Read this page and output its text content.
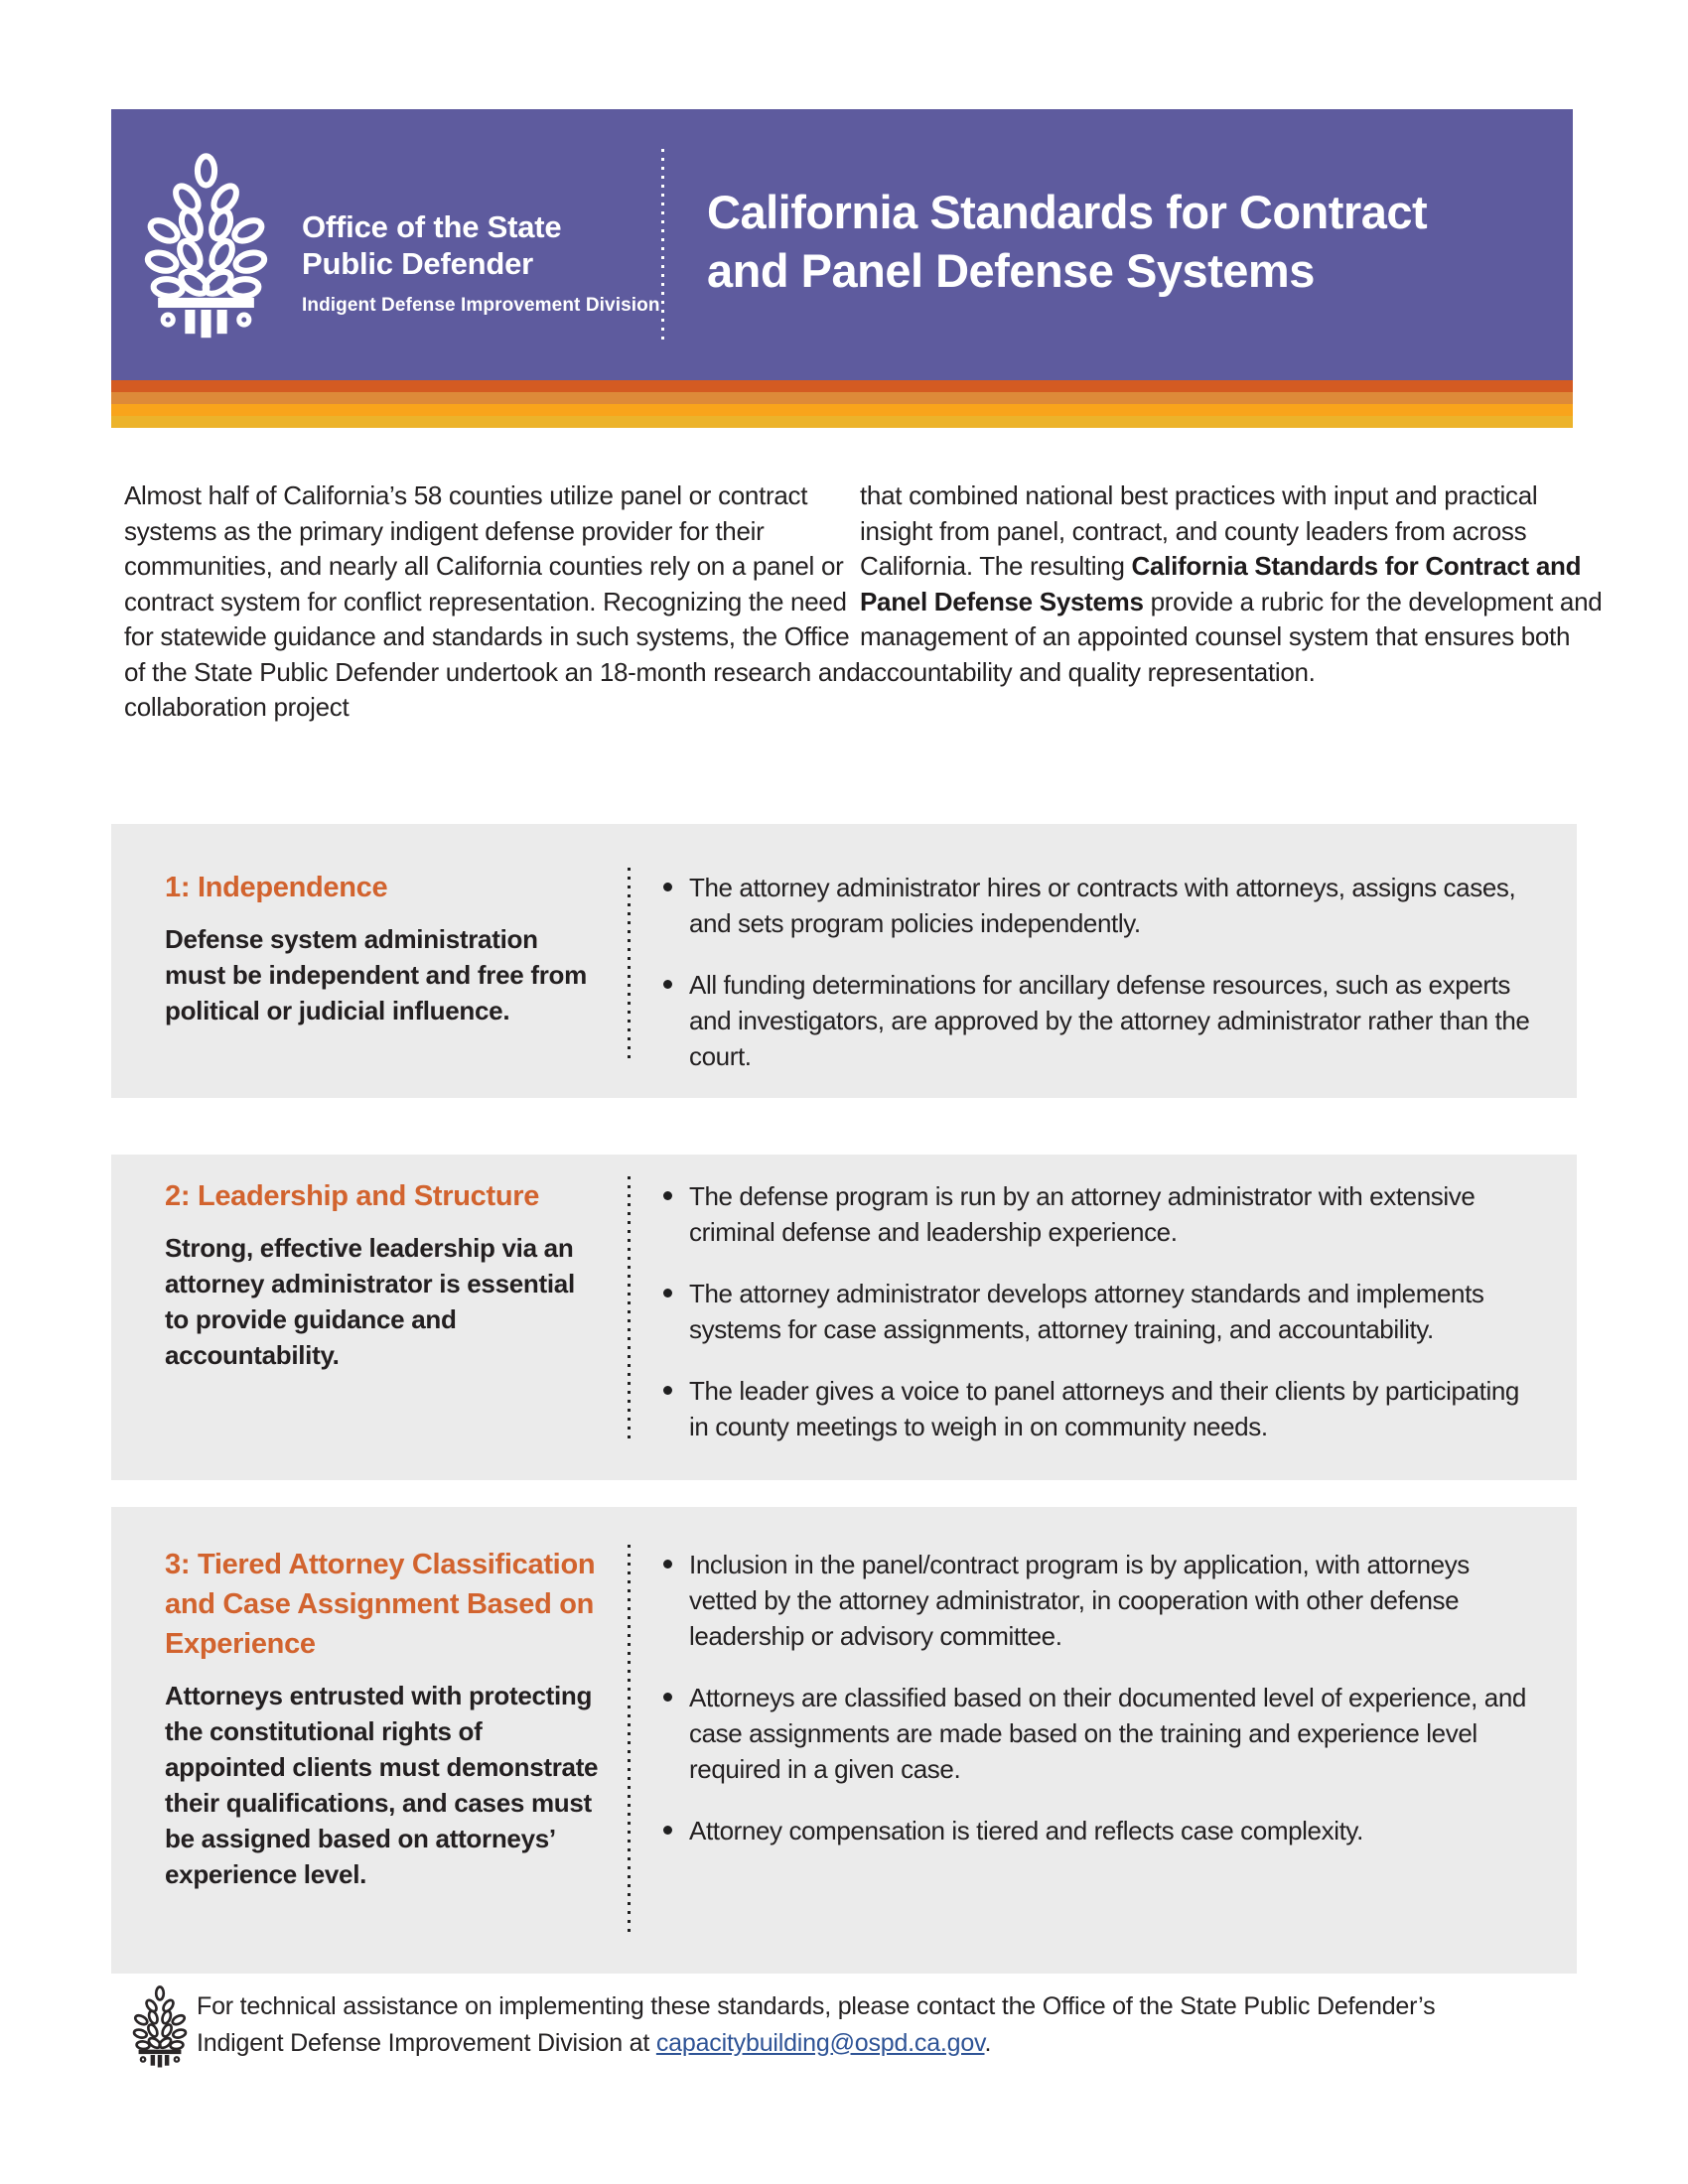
Office of the State
Public Defender
Indigent Defense Improvement Division
California Standards for Contract
and Panel Defense Systems
Almost half of California’s 58 counties utilize panel or contract systems as the primary indigent defense provider for their communities, and nearly all California counties rely on a panel or contract system for conflict representation. Recognizing the need for statewide guidance and standards in such systems, the Office of the State Public Defender undertook an 18-month research and collaboration project
that combined national best practices with input and practical insight from panel, contract, and county leaders from across California. The resulting California Standards for Contract and Panel Defense Systems provide a rubric for the development and management of an appointed counsel system that ensures both accountability and quality representation.
1: Independence
Defense system administration must be independent and free from political or judicial influence.
The attorney administrator hires or contracts with attorneys, assigns cases, and sets program policies independently.
All funding determinations for ancillary defense resources, such as experts and investigators, are approved by the attorney administrator rather than the court.
2: Leadership and Structure
Strong, effective leadership via an attorney administrator is essential to provide guidance and accountability.
The defense program is run by an attorney administrator with extensive criminal defense and leadership experience.
The attorney administrator develops attorney standards and implements systems for case assignments, attorney training, and accountability.
The leader gives a voice to panel attorneys and their clients by participating in county meetings to weigh in on community needs.
3: Tiered Attorney Classification and Case Assignment Based on Experience
Attorneys entrusted with protecting the constitutional rights of appointed clients must demonstrate their qualifications, and cases must be assigned based on attorneys’ experience level.
Inclusion in the panel/contract program is by application, with attorneys vetted by the attorney administrator, in cooperation with other defense leadership or advisory committee.
Attorneys are classified based on their documented level of experience, and case assignments are made based on the training and experience level required in a given case.
Attorney compensation is tiered and reflects case complexity.
For technical assistance on implementing these standards, please contact the Office of the State Public Defender’s
Indigent Defense Improvement Division at capacitybuilding@ospd.ca.gov.
